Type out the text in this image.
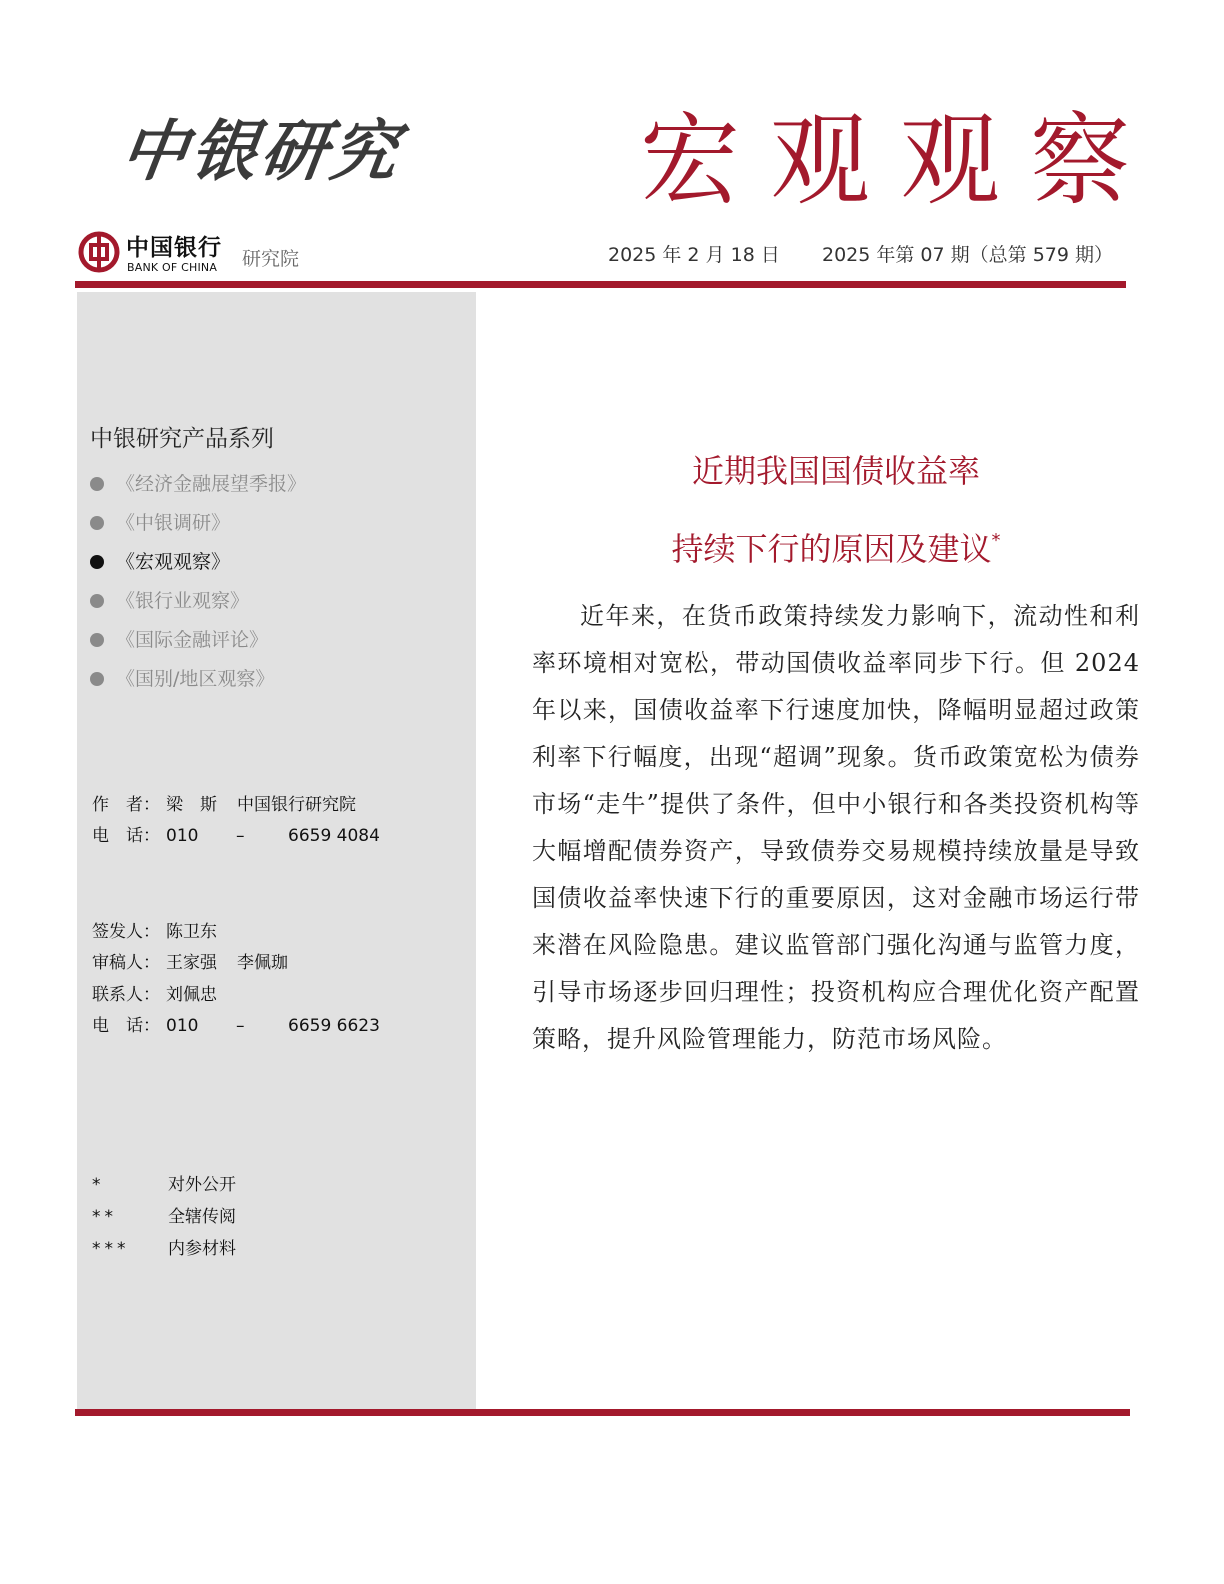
中银研究 宏观观察
中国银行
BANK OF CHINA 研究院	2025 年 2 月 18 日 2025 年第 07 期（总第 579 期）
中银研究产品系列
《经济金融展望季报》
《中银调研》
《宏观观察》
《银行业观察》
《国际金融评论》
《国别/地区观察》
作　者： 梁　斯 中国银行研究院
电　话： 010 –	6659 4084
签发人： 陈卫东
审稿人： 王家强 李佩珈
联系人： 刘佩忠
电　话： 010 –	6659 6623
*	对外公开
**	全辖传阅
*** 内参材料
近期我国国债收益率
持续下行的原因及建议*

近年来，在货币政策持续发力影响下，流动性和利率环境相对宽松，带动国债收益率同步下行。但 2024 年以来，国债收益率下行速度加快，降幅明显超过政策利率下行幅度，出现“超调”现象。货币政策宽松为债券市场“走牛”提供了条件，但中小银行和各类投资机构等大幅增配债券资产，导致债券交易规模持续放量是导致国债收益率快速下行的重要原因，这对金融市场运行带来潜在风险隐患。建议监管部门强化沟通与监管力度，引导市场逐步回归理性；投资机构应合理优化资产配置策略，提升风险管理能力，防范市场风险。
